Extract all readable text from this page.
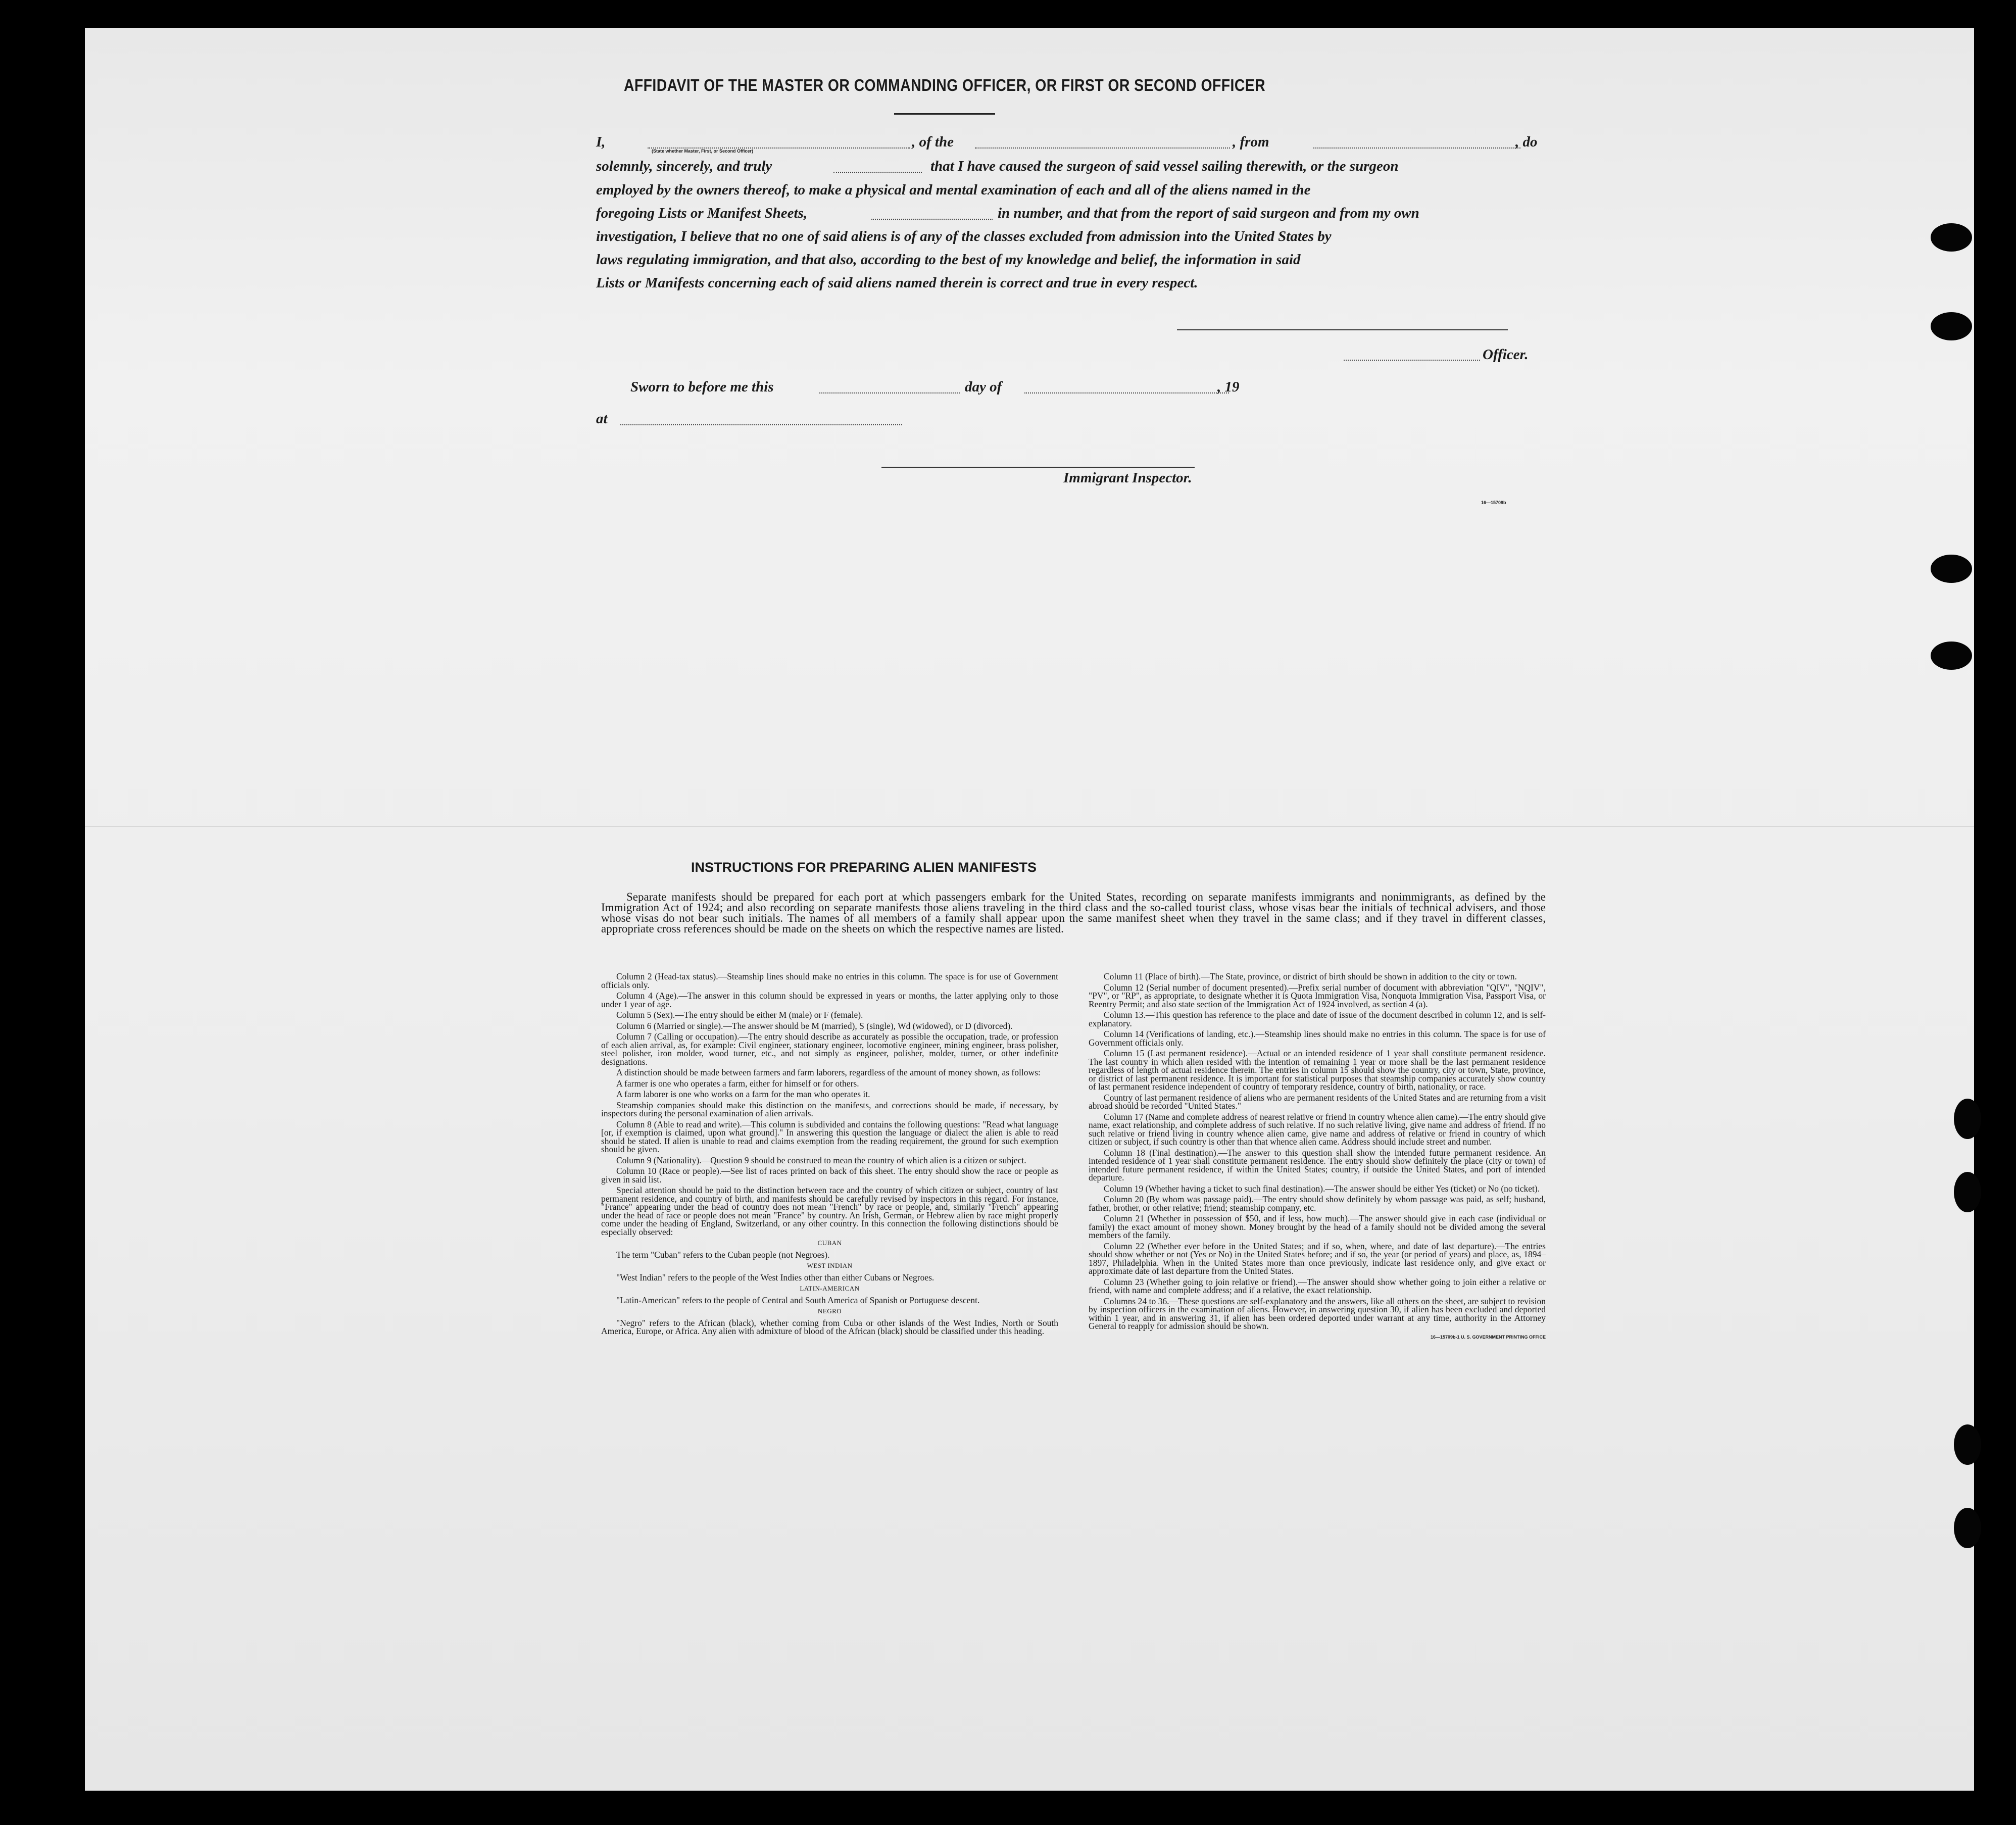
AFFIDAVIT OF THE MASTER OR COMMANDING OFFICER, OR FIRST OR SECOND OFFICER
I,	, of the	, from	, do
(State whether Master, First, or Second Officer)
solemnly, sincerely, and truly	that I have caused the surgeon of said vessel sailing therewith, or the surgeon
employed by the owners thereof, to make a physical and mental examination of each and all of the aliens named in the
foregoing Lists or Manifest Sheets,	in number, and that from the report of said surgeon and from my own
investigation, I believe that no one of said aliens is of any of the classes excluded from admission into the United States by
laws regulating immigration, and that also, according to the best of my knowledge and belief, the information in said
Lists or Manifests concerning each of said aliens named therein is correct and true in every respect.
Officer.
Sworn to before me this	day of	, 19
at
Immigrant Inspector.
16—15709b
INSTRUCTIONS FOR PREPARING ALIEN MANIFESTS
Separate manifests should be prepared for each port at which passengers embark for the United States, recording on separate manifests immigrants and nonimmigrants, as defined by the Immigration Act of 1924; and also recording on separate manifests those aliens traveling in the third class and the so-called tourist class, whose visas bear the initials of technical advisers, and those whose visas do not bear such initials. The names of all members of a family shall appear upon the same manifest sheet when they travel in the same class; and if they travel in different classes, appropriate cross references should be made on the sheets on which the respective names are listed.

Column 2 (Head-tax status).—Steamship lines should make no entries in this column. The space is for use of Government officials only.

Column 4 (Age).—The answer in this column should be expressed in years or months, the latter applying only to those under 1 year of age.

Column 5 (Sex).—The entry should be either M (male) or F (female).

Column 6 (Married or single).—The answer should be M (married), S (single), Wd (widowed), or D (divorced).

Column 7 (Calling or occupation).—The entry should describe as accurately as possible the occupation, trade, or profession of each alien arrival, as, for example: Civil engineer, stationary engineer, locomotive engineer, mining engineer, brass polisher, steel polisher, iron molder, wood turner, etc., and not simply as engineer, polisher, molder, turner, or other indefinite designations.

A distinction should be made between farmers and farm laborers, regardless of the amount of money shown, as follows:

A farmer is one who operates a farm, either for himself or for others.

A farm laborer is one who works on a farm for the man who operates it.

Steamship companies should make this distinction on the manifests, and corrections should be made, if necessary, by inspectors during the personal examination of alien arrivals.

Column 8 (Able to read and write).—This column is subdivided and contains the following questions: "Read what language [or, if exemption is claimed, upon what ground]." In answering this question the language or dialect the alien is able to read should be stated. If alien is unable to read and claims exemption from the reading requirement, the ground for such exemption should be given.

Column 9 (Nationality).—Question 9 should be construed to mean the country of which alien is a citizen or subject.

Column 10 (Race or people).—See list of races printed on back of this sheet. The entry should show the race or people as given in said list.

Special attention should be paid to the distinction between race and the country of which citizen or subject, country of last permanent residence, and country of birth, and manifests should be carefully revised by inspectors in this regard. For instance, "France" appearing under the head of country does not mean "French" by race or people, and, similarly "French" appearing under the head of race or people does not mean "France" by country. An Irish, German, or Hebrew alien by race might properly come under the heading of England, Switzerland, or any other country. In this connection the following distinctions should be especially observed:

CUBAN

The term "Cuban" refers to the Cuban people (not Negroes).

WEST INDIAN

"West Indian" refers to the people of the West Indies other than either Cubans or Negroes.

LATIN-AMERICAN

"Latin-American" refers to the people of Central and South America of Spanish or Portuguese descent.

NEGRO

"Negro" refers to the African (black), whether coming from Cuba or other islands of the West Indies, North or South America, Europe, or Africa. Any alien with admixture of blood of the African (black) should be classified under this heading.

Column 11 (Place of birth).—The State, province, or district of birth should be shown in addition to the city or town.

Column 12 (Serial number of document presented).—Prefix serial number of document with abbreviation "QIV", "NQIV", "PV", or "RP", as appropriate, to designate whether it is Quota Immigration Visa, Nonquota Immigration Visa, Passport Visa, or Reentry Permit; and also state section of the Immigration Act of 1924 involved, as section 4 (a).

Column 13.—This question has reference to the place and date of issue of the document described in column 12, and is self-explanatory.

Column 14 (Verifications of landing, etc.).—Steamship lines should make no entries in this column. The space is for use of Government officials only.

Column 15 (Last permanent residence).—Actual or an intended residence of 1 year shall constitute permanent residence. The last country in which alien resided with the intention of remaining 1 year or more shall be the last permanent residence regardless of length of actual residence therein. The entries in column 15 should show the country, city or town, State, province, or district of last permanent residence. It is important for statistical purposes that steamship companies accurately show country of last permanent residence independent of country of temporary residence, country of birth, nationality, or race.

Country of last permanent residence of aliens who are permanent residents of the United States and are returning from a visit abroad should be recorded "United States."

Column 17 (Name and complete address of nearest relative or friend in country whence alien came).—The entry should give name, exact relationship, and complete address of such relative. If no such relative living, give name and address of friend. If no such relative or friend living in country whence alien came, give name and address of relative or friend in country of which citizen or subject, if such country is other than that whence alien came. Address should include street and number.

Column 18 (Final destination).—The answer to this question shall show the intended future permanent residence. An intended residence of 1 year shall constitute permanent residence. The entry should show definitely the place (city or town) of intended future permanent residence, if within the United States; country, if outside the United States, and port of intended departure.

Column 19 (Whether having a ticket to such final destination).—The answer should be either Yes (ticket) or No (no ticket).

Column 20 (By whom was passage paid).—The entry should show definitely by whom passage was paid, as self; husband, father, brother, or other relative; friend; steamship company, etc.

Column 21 (Whether in possession of $50, and if less, how much).—The answer should give in each case (individual or family) the exact amount of money shown. Money brought by the head of a family should not be divided among the several members of the family.

Column 22 (Whether ever before in the United States; and if so, when, where, and date of last departure).—The entries should show whether or not (Yes or No) in the United States before; and if so, the year (or period of years) and place, as, 1894–1897, Philadelphia. When in the United States more than once previously, indicate last residence only, and give exact or approximate date of last departure from the United States.

Column 23 (Whether going to join relative or friend).—The answer should show whether going to join either a relative or friend, with name and complete address; and if a relative, the exact relationship.

Columns 24 to 36.—These questions are self-explanatory and the answers, like all others on the sheet, are subject to revision by inspection officers in the examination of aliens. However, in answering question 30, if alien has been excluded and deported within 1 year, and in answering 31, if alien has been ordered deported under warrant at any time, authority in the Attorney General to reapply for admission should be shown.

16—15709b-1 U. S. GOVERNMENT PRINTING OFFICE
